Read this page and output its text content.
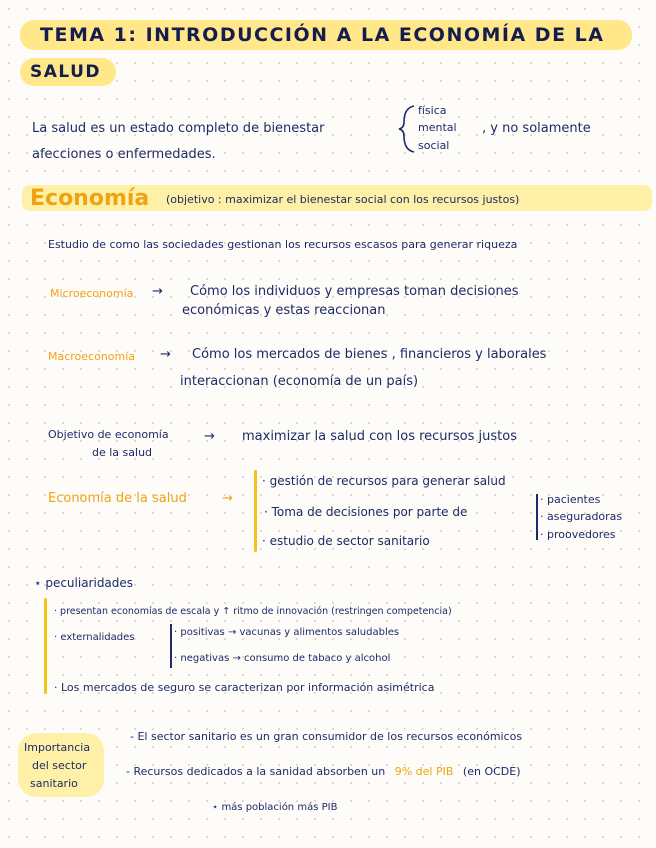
TEMA 1: INTRODUCCIÓN A LA ECONOMÍA DE LA
SALUD
La salud es un estado completo de bienestar
física
mental
social
, y no solamente
afecciones o enfermedades.
Economía (objetivo : maximizar el bienestar social con los recursos justos)
Estudio de como las sociedades gestionan los recursos escasos para generar riqueza
Microeconomía → Cómo los individuos y empresas toman decisiones
económicas y estas reaccionan
Macroeconomía → Cómo los mercados de bienes , financieros y laborales
interaccionan (economía de un país)
Objetivo de economía
de la salud
→ maximizar la salud con los recursos justos
Economía de la salud	→
· gestión de recursos para generar salud
· Toma de decisiones por parte de
· estudio de sector sanitario
· pacientes
· aseguradoras
· proovedores
⋆ peculiaridades
· presentan economías de escala y ↑ ritmo de innovación (restringen competencia)
· externalidades	· positivas → vacunas y alimentos saludables
· negativas → consumo de tabaco y alcohol
· Los mercados de seguro se caracterizan por información asimétrica
Importancia
del sector
sanitario
- El sector sanitario es un gran consumidor de los recursos económicos
- Recursos dedicados a la sanidad absorben un 9% del PIB (en OCDE)
⋆ más población más PIB
